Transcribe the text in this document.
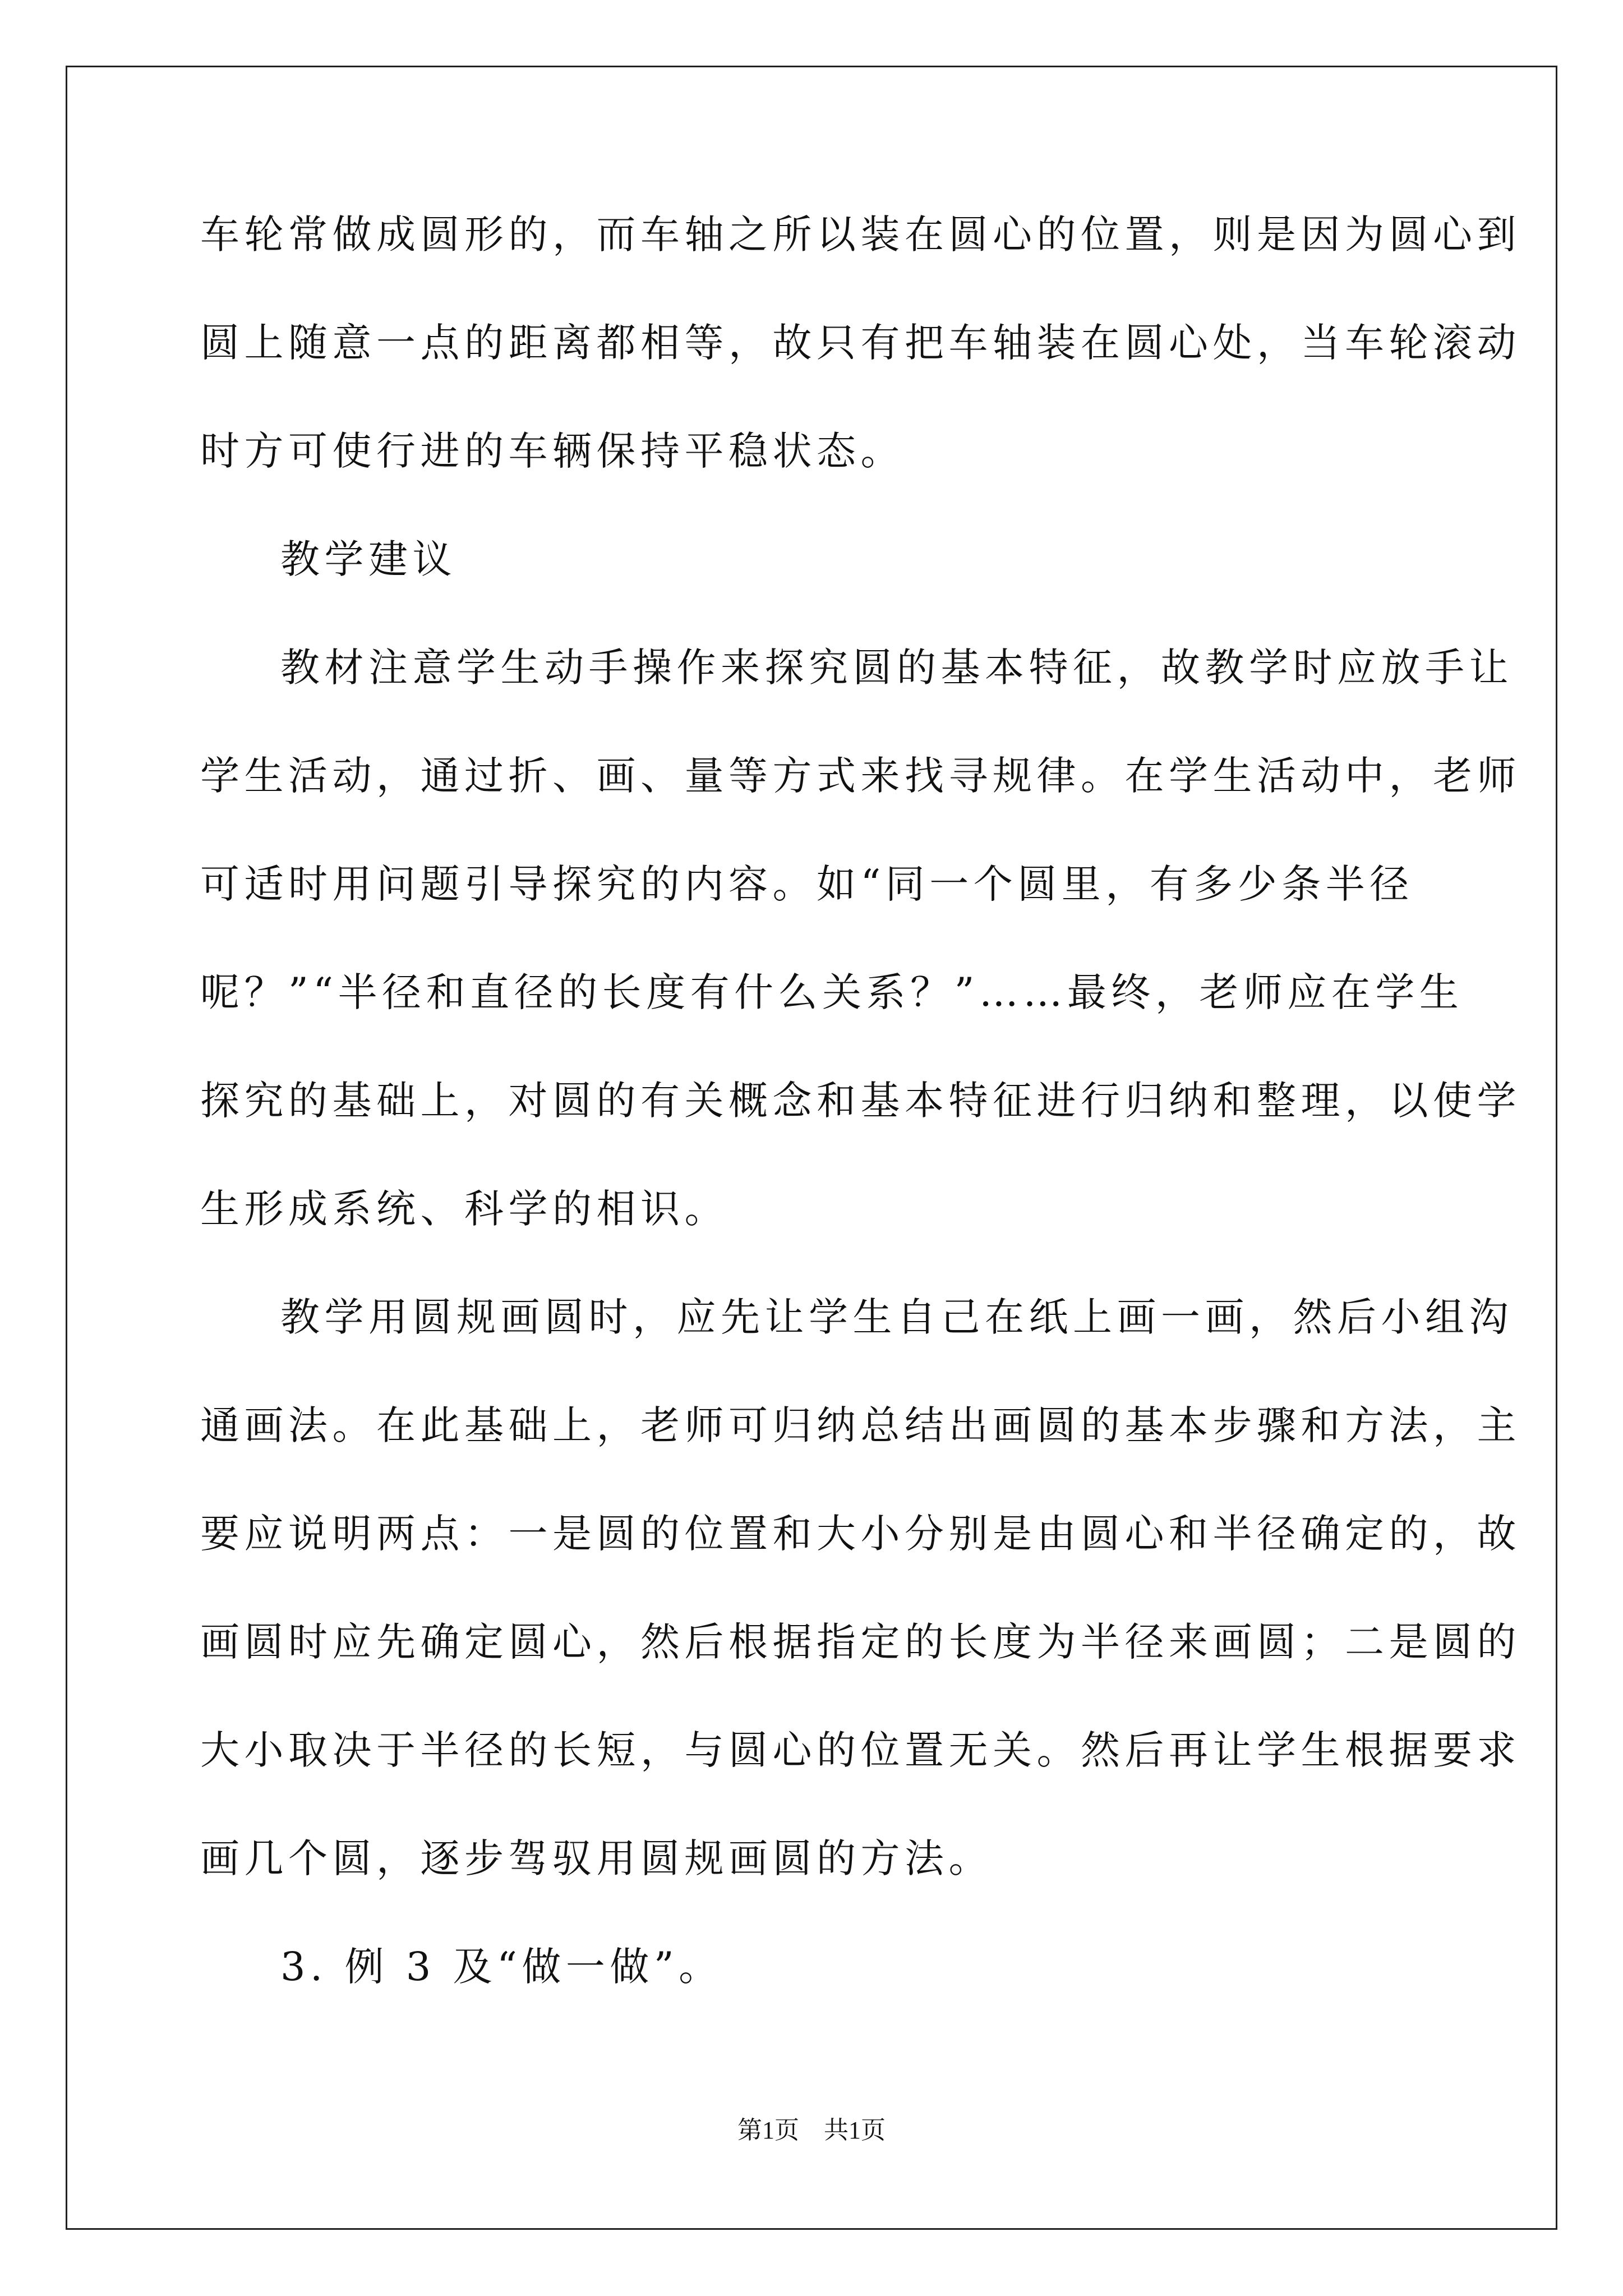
车轮常做成圆形的，而车轴之所以装在圆心的位置，则是因为圆心到
圆上随意一点的距离都相等，故只有把车轴装在圆心处，当车轮滚动
时方可使行进的车辆保持平稳状态。
教学建议
教材注意学生动手操作来探究圆的基本特征，故教学时应放手让
学生活动，通过折、画、量等方式来找寻规律。在学生活动中，老师
可适时用问题引导探究的内容。如“同一个圆里，有多少条半径
呢？”“半径和直径的长度有什么关系？”……最终，老师应在学生
探究的基础上，对圆的有关概念和基本特征进行归纳和整理，以使学
生形成系统、科学的相识。
教学用圆规画圆时，应先让学生自己在纸上画一画，然后小组沟
通画法。在此基础上，老师可归纳总结出画圆的基本步骤和方法，主
要应说明两点：一是圆的位置和大小分别是由圆心和半径确定的，故
画圆时应先确定圆心，然后根据指定的长度为半径来画圆；二是圆的
大小取决于半径的长短，与圆心的位置无关。然后再让学生根据要求
画几个圆，逐步驾驭用圆规画圆的方法。
3. 例 3 及“做一做”。
第1页　共1页
